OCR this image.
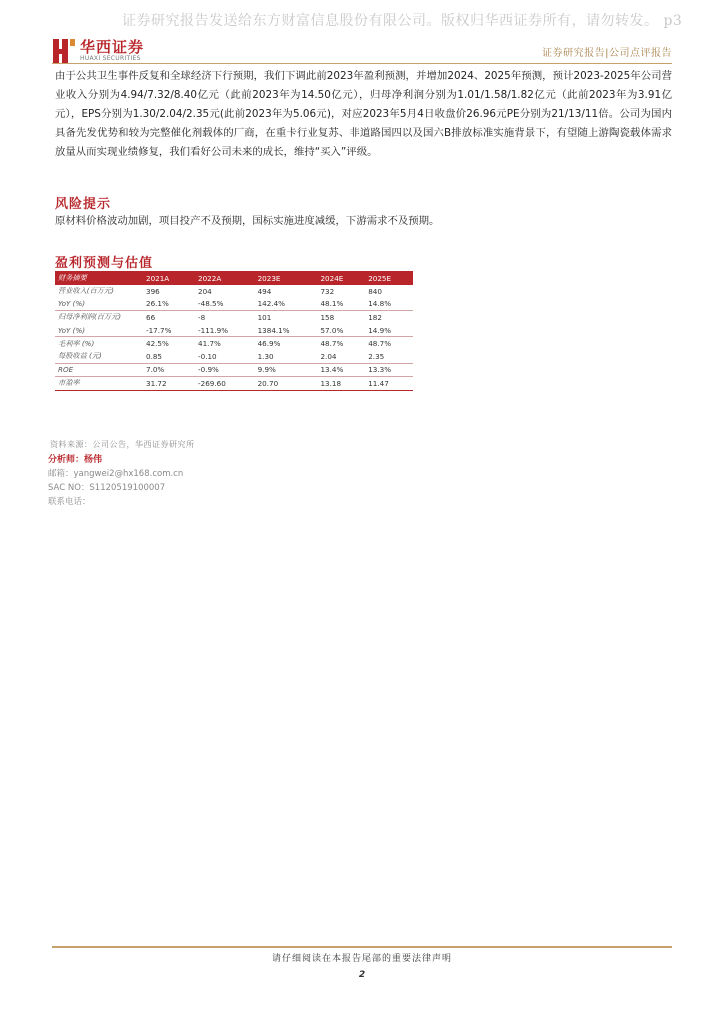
证券研究报告发送给东方财富信息股份有限公司。版权归华西证券所有，请勿转发。 p3
华西证券
HUAXI SECURITIES	证券研究报告|公司点评报告
由于公共卫生事件反复和全球经济下行预期，我们下调此前2023年盈利预测，并增加2024、2025年预测，预计2023-2025年公司营业收入分别为4.94/7.32/8.40亿元（此前2023年为14.50亿元），归母净利润分别为1.01/1.58/1.82亿元（此前2023年为3.91亿元），EPS分别为1.30/2.04/2.35元(此前2023年为5.06元)，对应2023年5月4日收盘价26.96元PE分别为21/13/11倍。公司为国内具备先发优势和较为完整催化剂载体的厂商，在重卡行业复苏、非道路国四以及国六B排放标准实施背景下，有望随上游陶瓷载体需求放量从而实现业绩修复，我们看好公司未来的成长，维持“买入”评级。
风险提示
原材料价格波动加剧，项目投产不及预期，国标实施进度减缓，下游需求不及预期。
盈利预测与估值
财务摘要	2021A	2022A	2023E	2024E	2025E
营业收入(百万元)	396	204	494	732	840
YoY (%)	26.1%	-48.5%	142.4%	48.1%	14.8%
归母净利润(百万元)	66	-8	101	158	182
YoY (%)	-17.7%	-111.9%	1384.1%	57.0%	14.9%
毛利率 (%)	42.5%	41.7%	46.9%	48.7%	48.7%
每股收益 (元)	0.85	-0.10	1.30	2.04	2.35
ROE	7.0%	-0.9%	9.9%	13.4%	13.3%
市盈率	31.72	-269.60	20.70	13.18	11.47
资料来源：公司公告，华西证券研究所
分析师：杨伟
邮箱：yangwei2@hx168.com.cn
SAC NO：S1120519100007
联系电话：
请仔细阅读在本报告尾部的重要法律声明
2
